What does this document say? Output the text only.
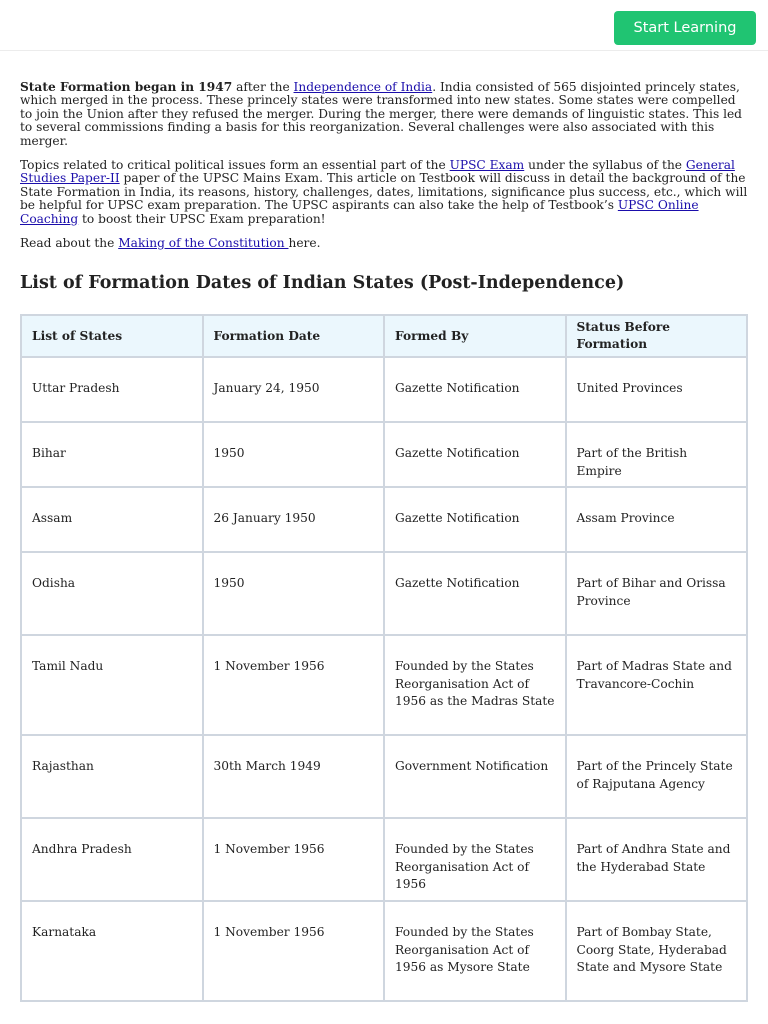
Start Learning

State Formation began in 1947 after the Independence of India. India consisted of 565 disjointed princely states, which merged in the process. These princely states were transformed into new states. Some states were compelled to join the Union after they refused the merger. During the merger, there were demands of linguistic states. This led to several commissions finding a basis for this reorganization. Several challenges were also associated with this merger.

Topics related to critical political issues form an essential part of the UPSC Exam under the syllabus of the General Studies Paper-II paper of the UPSC Mains Exam. This article on Testbook will discuss in detail the background of the State Formation in India, its reasons, history, challenges, dates, limitations, significance plus success, etc., which will be helpful for UPSC exam preparation. The UPSC aspirants can also take the help of Testbook’s UPSC Online Coaching to boost their UPSC Exam preparation!

Read about the Making of the Constitution here.

List of Formation Dates of Indian States (Post-Independence)
List of States	Formation Date	Formed By	Status Before Formation
Uttar Pradesh	January 24, 1950	Gazette Notification	United Provinces
Bihar	1950	Gazette Notification	Part of the British Empire
Assam	26 January 1950	Gazette Notification	Assam Province
Odisha	1950	Gazette Notification	Part of Bihar and Orissa Province
Tamil Nadu	1 November 1956	Founded by the States Reorganisation Act of 1956 as the Madras State	Part of Madras State and Travancore-Cochin
Rajasthan	30th March 1949	Government Notification	Part of the Princely State of Rajputana Agency
Andhra Pradesh	1 November 1956	Founded by the States Reorganisation Act of 1956	Part of Andhra State and the Hyderabad State
Karnataka	1 November 1956	Founded by the States Reorganisation Act of 1956 as Mysore State	Part of Bombay State, Coorg State, Hyderabad State and Mysore State
